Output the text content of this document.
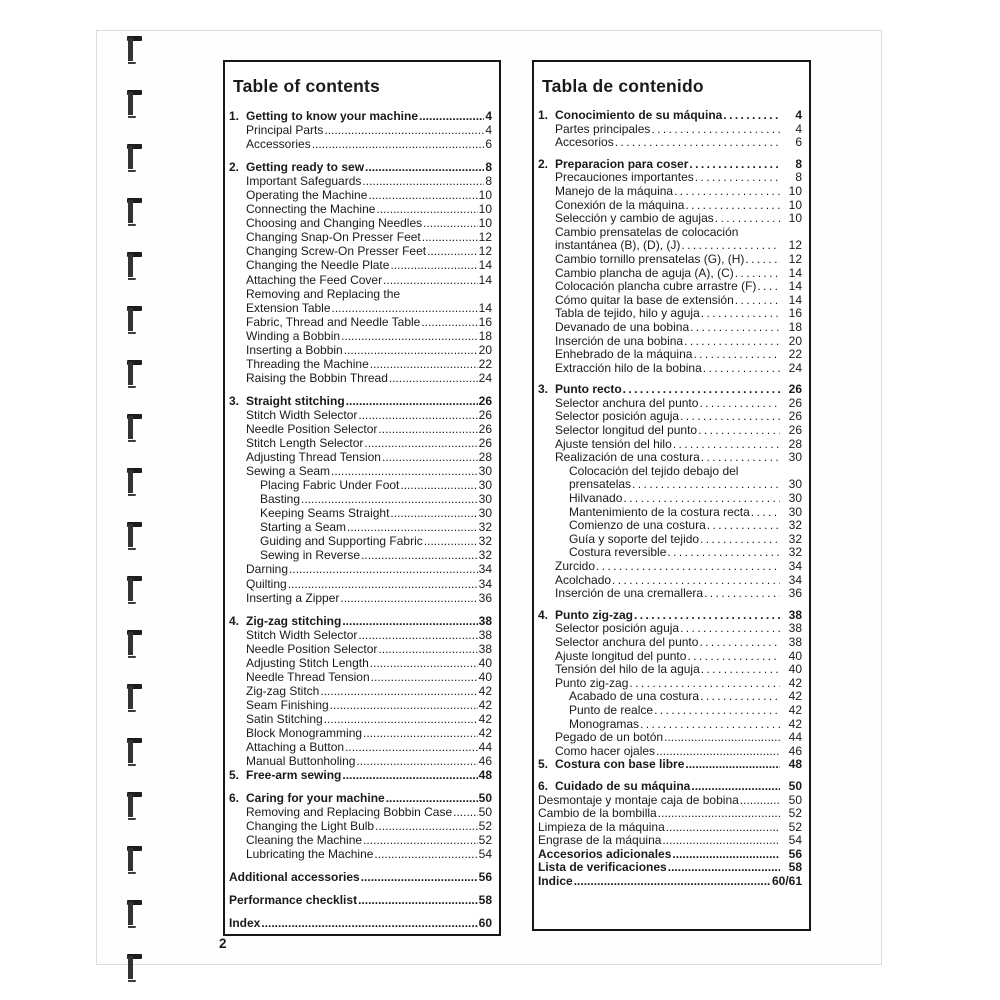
Table of contents
1. Getting to know your machine .....	4
Principal Parts .....	4
Accessories .....	6
2. Getting ready to sew .....	8
Important Safeguards .....	8
Operating the Machine .....	10
Connecting the Machine .....	10
Choosing and Changing Needles .....	10
Changing Snap-On Presser Feet .....	12
Changing Screw-On Presser Feet .....	12
Changing the Needle Plate .....	14
Attaching the Feed Cover .....	14
Removing and Replacing the
Extension Table .....	14
Fabric, Thread and Needle Table .....	16
Winding a Bobbin .....	18
Inserting a Bobbin .....	20
Threading the Machine .....	22
Raising the Bobbin Thread .....	24
3. Straight stitching .....	26
Stitch Width Selector .....	26
Needle Position Selector .....	26
Stitch Length Selector .....	26
Adjusting Thread Tension .....	28
Sewing a Seam .....	30
Placing Fabric Under Foot .....	30
Basting .....	30
Keeping Seams Straight .....	30
Starting a Seam .....	32
Guiding and Supporting Fabric .....	32
Sewing in Reverse .....	32
Darning .....	34
Quilting .....	34
Inserting a Zipper .....	36
4. Zig-zag stitching .....	38
Stitch Width Selector .....	38
Needle Position Selector .....	38
Adjusting Stitch Length .....	40
Needle Thread Tension .....	40
Zig-zag Stitch .....	42
Seam Finishing .....	42
Satin Stitching .....	42
Block Monogramming .....	42
Attaching a Button .....	44
Manual Buttonholing .....	46
5. Free-arm sewing .....	48
6. Caring for your machine .....	50
Removing and Replacing Bobbin Case ..... 50
Changing the Light Bulb .....	52
Cleaning the Machine .....	52
Lubricating the Machine .....	54
Additional accessories .....	56
Performance checklist .....	58
Index .....	60
Tabla de contenido
1. Conocimiento de su máquina .....	4
Partes principales .....	4
Accesorios .....	6
2. Preparacion para coser .....	8
Precauciones importantes .....	8
Manejo de la máquina .....	10
Conexión de la máquina .....	10
Selección y cambio de agujas .....	10
Cambio prensatelas de colocación
instantánea (B), (D), (J) .....	12
Cambio tornillo prensatelas (G), (H) .....	12
Cambio plancha de aguja (A), (C) .....	14
Colocación plancha cubre arrastre (F) .....	14
Cómo quitar la base de extensión .....	14
Tabla de tejido, hilo y aguja .....	16
Devanado de una bobina .....	18
Inserción de una bobina .....	20
Enhebrado de la máquina .....	22
Extracción hilo de la bobina .....	24
3. Punto recto .....	26
Selector anchura del punto .....	26
Selector posición aguja .....	26
Selector longitud del punto .....	26
Ajuste tensión del hilo .....	28
Realización de una costura .....	30
Colocación del tejido debajo del
prensatelas .....	30
Hilvanado .....	30
Mantenimiento de la costura recta .....	30
Comienzo de una costura .....	32
Guía y soporte del tejido .....	32
Costura reversible .....	32
Zurcido .....	34
Acolchado .....	34
Inserción de una cremallera .....	36
4. Punto zig-zag .....	38
Selector posición aguja .....	38
Selector anchura del punto .....	38
Ajuste longitud del punto .....	40
Tensión del hilo de la aguja .....	40
Punto zig-zag .....	42
Acabado de una costura .....	42
Punto de realce .....	42
Monogramas .....	42
Pegado de un botón .....	44
Como hacer ojales .....	46
5. Costura con base libre .....	48
6. Cuidado de su máquina .....	50
Desmontaje y montaje caja de bobina .....	50
Cambio de la bombilla .....	52
Limpieza de la máquina .....	52
Engrase de la máquina .....	54
Accesorios adicionales .....	56
Lista de verificaciones .....	58
Indice .....	60/61
2
